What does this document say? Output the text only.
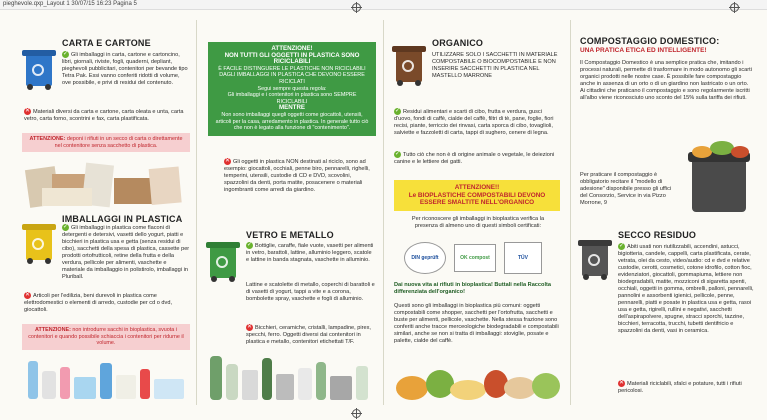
pieghevole.qxp_Layout 1 30/07/15 16:23 Pagina 5
CARTA E CARTONE

✓ Gli imballaggi in carta, cartone e cartoncino, libri, giornali, riviste, fogli, quaderni, depliant, pieghevoli pubblicitari, contenitori per bevande tipo Tetra Pak. Essi vanno conferiti ridotti di volume, ove possibile, e privi di residui del contenuto.

✕ Materiali diversi da carta e cartone, carta oleata e unta, carta vetro, carta forno, scontrini e fax, carta plastificata.

ATTENZIONE: deponi i rifiuti in un secco di carta o direttamente nel contenitore senza sacchetto di plastica.
IMBALLAGGI IN PLASTICA

✓ Gli imballaggi in plastica come flaconi di detergenti e detersivi, vasetti dello yogurt, piatti e bicchieri in plastica usa e getta (senza residui di cibo), sacchetti della spesa di plastica, cassette per prodotti ortofrutticoli, retine della frutta e della verdura, pellicole per alimenti, vaschette e materiale da imballaggio in polistirolo, imballaggi in Pluriball.

✕ Articoli per l'edilizia, beni durevoli in plastica come elettrodomestici o elementi di arredo, custodie per cd o dvd, giocattoli.

ATTENZIONE: non introdurre sacchi in bioplastica, svuota i contenitori e quando possibile schiaccia i contenitori per ridurne il volume.

ATTENZIONE!

NON TUTTI GLI OGGETTI IN PLASTICA SONO RICICLABILI

È FACILE DISTINGUERE LE PLASTICHE NON RICICLABILI DAGLI IMBALLAGGI IN PLASTICA CHE DEVONO ESSERE RICICLATI

Segui sempre questa regola:

Gli imballaggi e i contenitori in plastica sono SEMPRE RICICLABILI

MENTRE

Non sono imballaggi quegli oggetti come giocattoli, utensili, articoli per la casa, arredamento in plastica. In generale tutto ciò che non è legato alla funzione di "contenimento".

✕ Gli oggetti in plastica NON destinati al riciclo, sono ad esempio: giocattoli, occhiali, penne biro, pennarelli, righelli, temperini, utensili, custodie di CD e DVD, scovolini, spazzolini da denti, porta matite, posacenere o materiali ingombranti come arredi da giardino.

VETRO E METALLO

✓ Bottiglie, caraffe, fiale vuote, vasetti per alimenti in vetro, barattoli, lattine, alluminio leggero, scatole e lattine in banda stagnata, vaschette in alluminio.

Lattine e scatolette di metallo, coperchi di barattoli e di vasetti di yogurt, tappi a vite e a corona, bombolette spray, vaschette e fogli di alluminio.

✕ Bicchieri, ceramiche, cristalli, lampadine, pirex, specchi, ferro. Oggetti diversi dai contenitori in plastica e metallo, contenitori etichettati T/F.

ORGANICO

UTILIZZARE SOLO I SACCHETTI IN MATERIALE COMPOSTABILE O BIOCOMPOSTABILE E NON INSERIRE SACCHETTI IN PLASTICA NEL MASTELLO MARRONE

✓ Residui alimentari e scarti di cibo, frutta e verdura, gusci d'uovo, fondi di caffè, cialde del caffè, filtri di tè, pane, foglie, fiori recisi, piante, terriccio dei rinvasi, carta sporca di cibo, tovaglioli, salviette e fazzoletti di carta, tappi di sughero, cenere di legna.

✓ Tutto ciò che non è di origine animale o vegetale, le deiezioni canine e le lettiere dei gatti.

ATTENZIONE!!
Le BIOPLASTICHE COMPOSTABILI DEVONO ESSERE SMALTITE NELL'ORGANICO

Per riconoscere gli imballaggi in bioplastica verifica la presenza di almeno uno di questi simboli certificati:

DIN geprüft	OK compost	TÜV

Dai nuova vita ai rifiuti in bioplastica! Buttali nella Raccolta differenziata dell'organico!

Questi sono gli imballaggi in bioplastica più comuni: oggetti compostabili come shopper, sacchetti per l'ortofrutta, sacchetti e buste per alimenti, pellicole, vaschette. Nella stessa frazione sono conferiti anche tracce merceologiche biodegradabili e compostabili similari, anche se non si tratta di imballaggi: stoviglie, posate e palette, cialde del caffè.

COMPOSTAGGIO DOMESTICO:
UNA PRATICA ETICA ED INTELLIGENTE!

Il Compostaggio Domestico è una semplice pratica che, imitando i processi naturali, permette di trasformare in modo autonomo gli scarti organici prodotti nelle nostre case. È possibile fare compostaggio anche in assenza di un orto o di un giardino non lastricato o un orto. Ai cittadini che praticano il compostaggio e sono regolarmente iscritti all'albo viene riconosciuto uno sconto del 15% sulla tariffa dei rifiuti.

Per praticare il compostaggio è obbligatorio recitare il "modello di adesione" disponibile presso gli uffici del Consorzio, Service in via Pizzo Morrone, 9

SECCO RESIDUO

✓ Abiti usati non riutilizzabili, accendini, astucci, bigiotteria, candele, cappelli, carta plastificata, cerate, vetrata, olei da cesto, video/audio: cd e dvd e relative custodie, cerotti, cosmetici, cotone idrofilo, cotton fioc, evidenziatori, giocattoli, gommapiuma, lettiere non biodegradabili, matite, mozziconi di sigaretta spenti, occhiali, oggetti in gomma, ombrelli, palloni, pennarelli, pannolini e assorbenti igienici, pellicole, penne, pennarelli, piatti e posate in plastica usa e getta, rasoi usa e getta, rigirelli, rullini e negativi, sacchetti dell'aspirapolvere, spugne, stracci sporchi, tazzine, bicchieri, terracotta, trucchi, tubetti dentifricio e spazzolini da denti, vasi in ceramica.

✕ Materiali riciclabili, sfalci e potature, tutti i rifiuti pericolosi.
